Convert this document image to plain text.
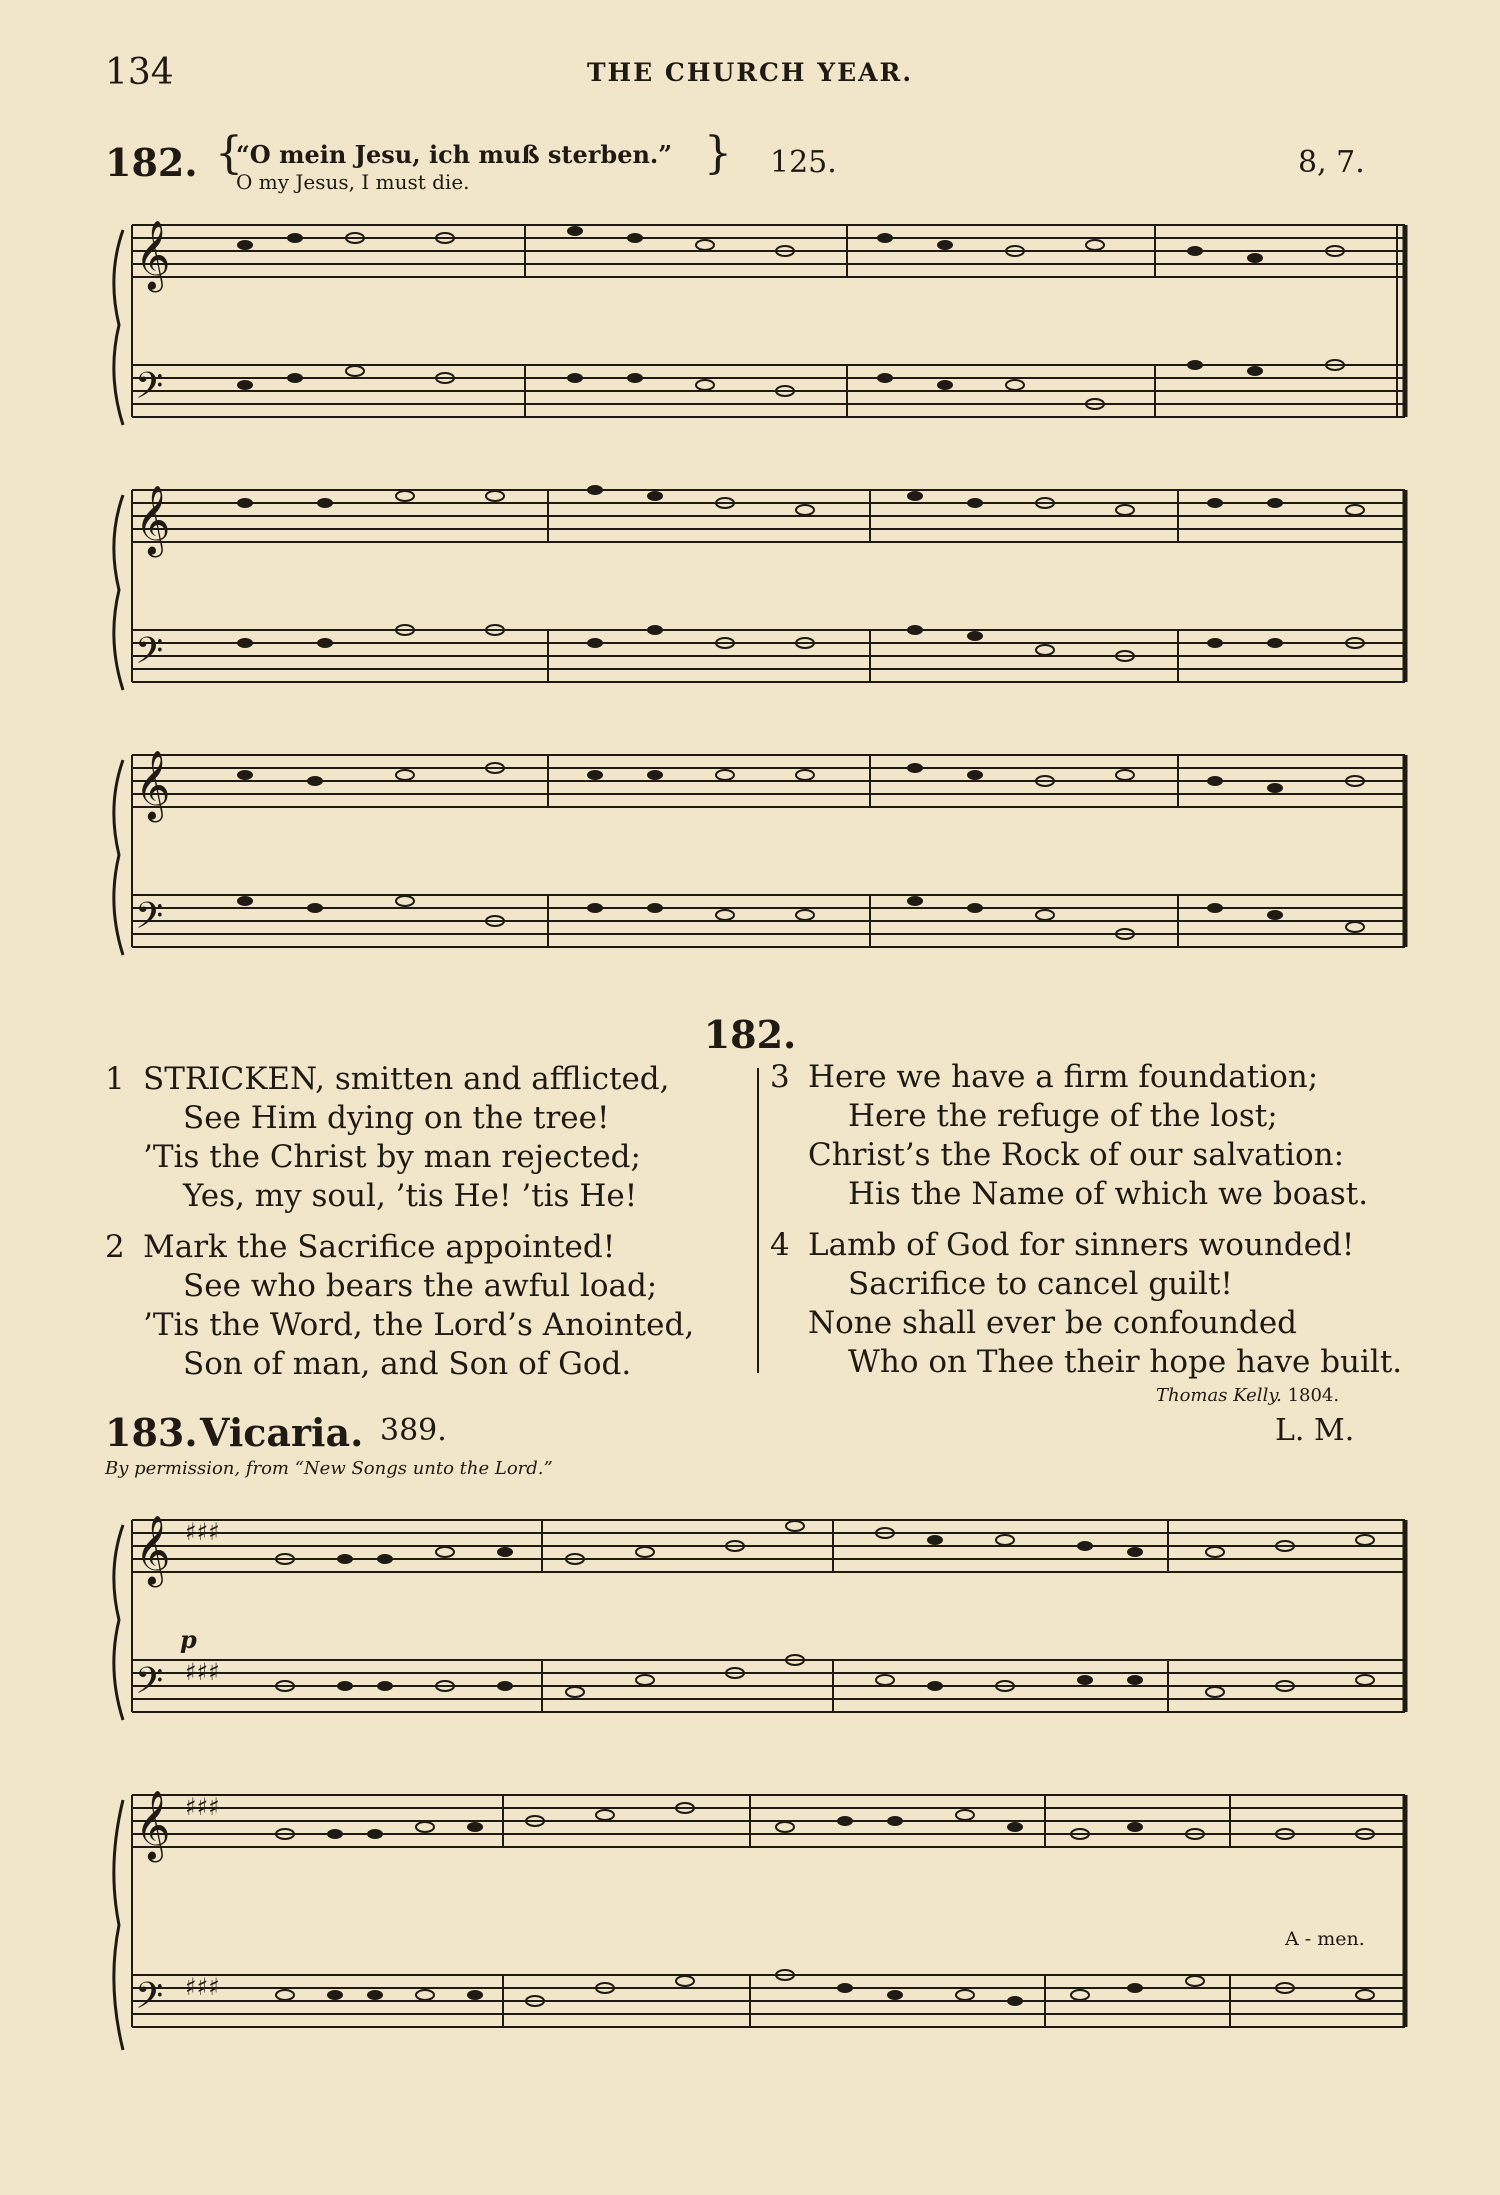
134	THE CHURCH YEAR.
182. {
“O mein Jesu, ich muß sterben.”
O my Jesus, I must die.
} 125.	8, 7.
𝄞
𝄢
𝄞
𝄢
𝄞
𝄢
182.
1 STRICKEN, smitten and afflicted,
See Him dying on the tree!
’Tis the Christ by man rejected;
Yes, my soul, ’tis He! ’tis He!
2 Mark the Sacrifice appointed!
See who bears the awful load;
’Tis the Word, the Lord’s Anointed,
Son of man, and Son of God.
3 Here we have a firm foundation;
Here the refuge of the lost;
Christ’s the Rock of our salvation:
His the Name of which we boast.
4 Lamb of God for sinners wounded!
Sacrifice to cancel guilt!
None shall ever be confounded
Who on Thee their hope have built.
Thomas Kelly. 1804.
183. Vicaria. 389.	L. M.
By permission, from “New Songs unto the Lord.”
𝄞
𝄢
♯♯♯
♯♯♯
p
𝄞
𝄢
♯♯♯
♯♯♯
A - men.
